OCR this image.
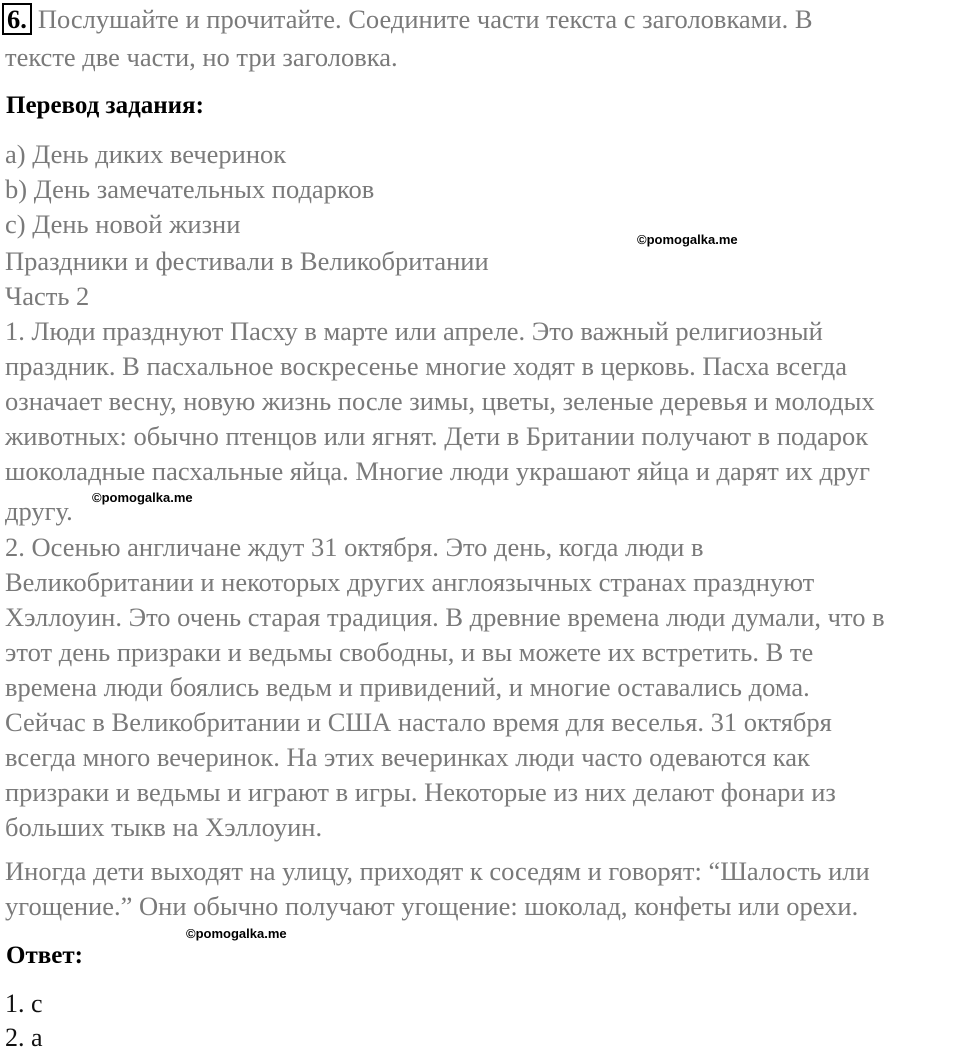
6. Послушайте и прочитайте. Соедините части текста с заголовками. В
тексте две части, но три заголовка.
Перевод задания:
а) День диких вечеринок
b) День замечательных подарков
c) День новой жизни
©pomogalka.me
Праздники и фестивали в Великобритании
Часть 2
1. Люди празднуют Пасху в марте или апреле. Это важный религиозный
праздник. В пасхальное воскресенье многие ходят в церковь. Пасха всегда
означает весну, новую жизнь после зимы, цветы, зеленые деревья и молодых
животных: обычно птенцов или ягнят. Дети в Британии получают в подарок
шоколадные пасхальные яйца. Многие люди украшают яйца и дарят их друг
другу. ©pomogalka.me
2. Осенью англичане ждут 31 октября. Это день, когда люди в
Великобритании и некоторых других англоязычных странах празднуют
Хэллоуин. Это очень старая традиция. В древние времена люди думали, что в
этот день призраки и ведьмы свободны, и вы можете их встретить. В те
времена люди боялись ведьм и привидений, и многие оставались дома.
Сейчас в Великобритании и США настало время для веселья. 31 октября
всегда много вечеринок. На этих вечеринках люди часто одеваются как
призраки и ведьмы и играют в игры. Некоторые из них делают фонари из
больших тыкв на Хэллоуин.
Иногда дети выходят на улицу, приходят к соседям и говорят: “Шалость или
угощение.” Они обычно получают угощение: шоколад, конфеты или орехи.
©pomogalka.me
Ответ:
1. с
2. а
